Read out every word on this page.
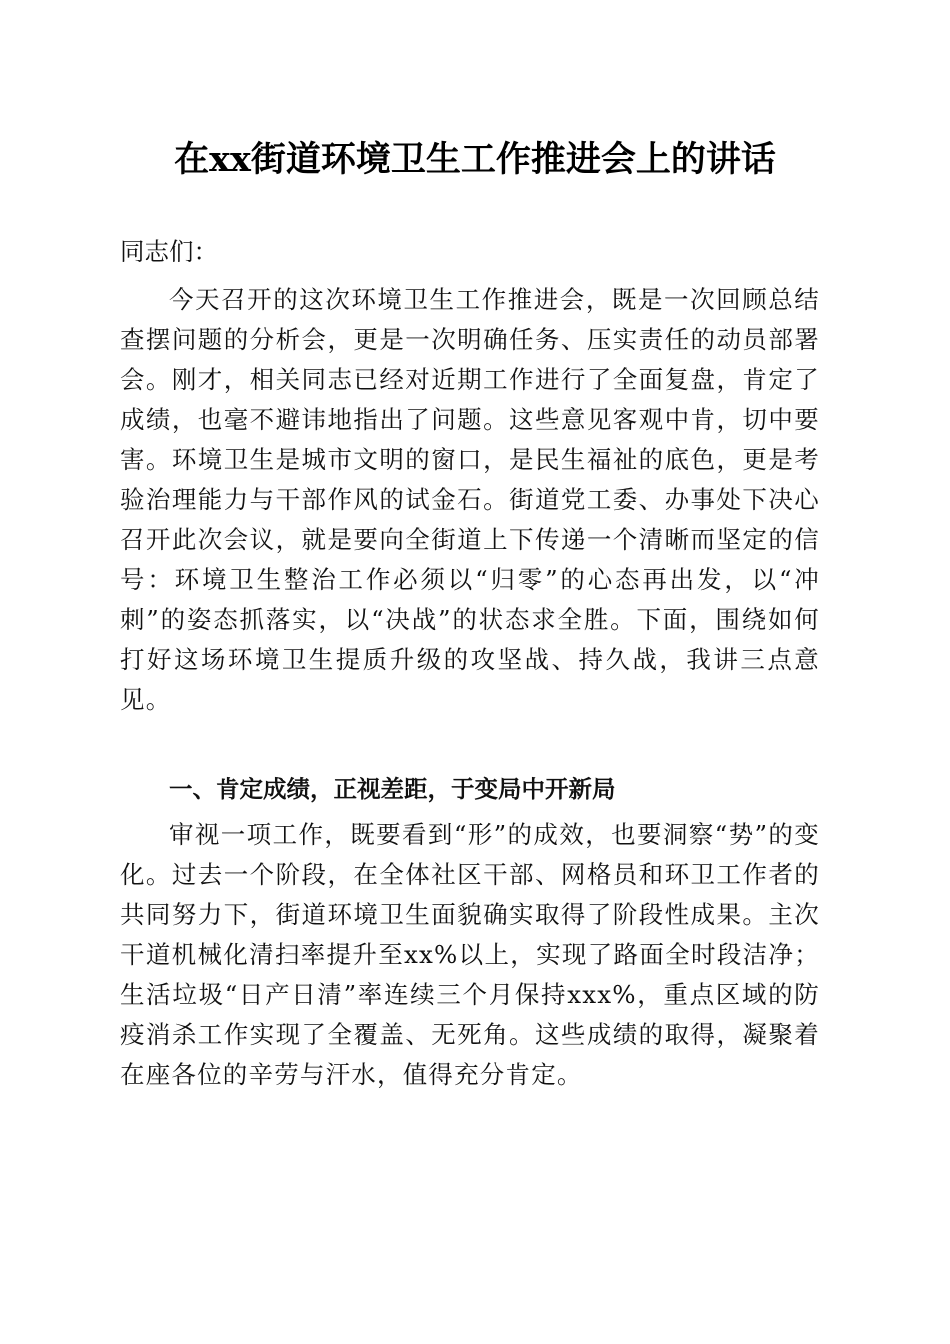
在xx街道环境卫生工作推进会上的讲话
同志们：
今天召开的这次环境卫生工作推进会，既是一次回顾总结查摆问题的分析会，更是一次明确任务、压实责任的动员部署会。刚才，相关同志已经对近期工作进行了全面复盘，肯定了成绩，也毫不避讳地指出了问题。这些意见客观中肯，切中要害。环境卫生是城市文明的窗口，是民生福祉的底色，更是考验治理能力与干部作风的试金石。街道党工委、办事处下决心召开此次会议，就是要向全街道上下传递一个清晰而坚定的信号：环境卫生整治工作必须以“归零”的心态再出发，以“冲刺”的姿态抓落实，以“决战”的状态求全胜。下面，围绕如何打好这场环境卫生提质升级的攻坚战、持久战，我讲三点意见。
一、肯定成绩，正视差距，于变局中开新局
审视一项工作，既要看到“形”的成效，也要洞察“势”的变化。过去一个阶段，在全体社区干部、网格员和环卫工作者的共同努力下，街道环境卫生面貌确实取得了阶段性成果。主次干道机械化清扫率提升至xx%以上，实现了路面全时段洁净；生活垃圾“日产日清”率连续三个月保持xxx%，重点区域的防疫消杀工作实现了全覆盖、无死角。这些成绩的取得，凝聚着在座各位的辛劳与汗水，值得充分肯定。
